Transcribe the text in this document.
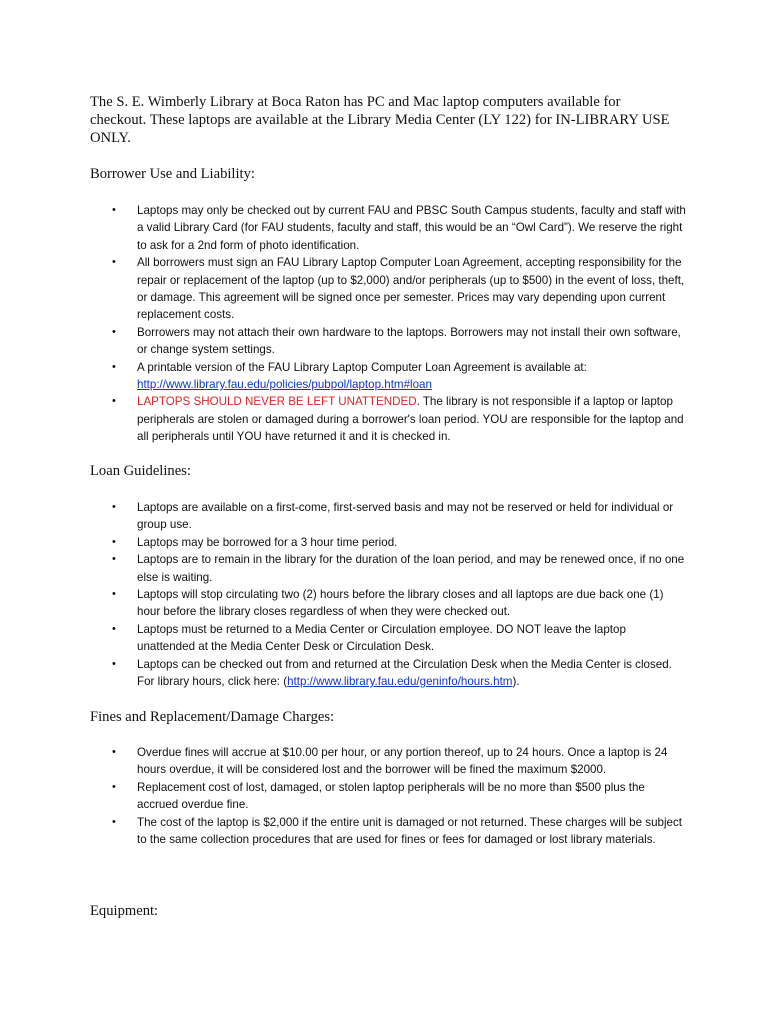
The S. E. Wimberly Library at Boca Raton has PC and Mac laptop computers available for checkout. These laptops are available at the Library Media Center (LY 122) for IN-LIBRARY USE ONLY.

Borrower Use and Liability:
•	Laptops may only be checked out by current FAU and PBSC South Campus students, faculty and staff with a valid Library Card (for FAU students, faculty and staff, this would be an “Owl Card”). We reserve the right to ask for a 2nd form of photo identification.
•	All borrowers must sign an FAU Library Laptop Computer Loan Agreement, accepting responsibility for the repair or replacement of the laptop (up to $2,000) and/or peripherals (up to $500) in the event of loss, theft, or damage. This agreement will be signed once per semester. Prices may vary depending upon current replacement costs.
•	Borrowers may not attach their own hardware to the laptops. Borrowers may not install their own software, or change system settings.
•	A printable version of the FAU Library Laptop Computer Loan Agreement is available at:
http://www.library.fau.edu/policies/pubpol/laptop.htm#loan
•	LAPTOPS SHOULD NEVER BE LEFT UNATTENDED. The library is not responsible if a laptop or laptop peripherals are stolen or damaged during a borrower's loan period. YOU are responsible for the laptop and all peripherals until YOU have returned it and it is checked in.
Loan Guidelines:
•	Laptops are available on a first-come, first-served basis and may not be reserved or held for individual or group use.
•	Laptops may be borrowed for a 3 hour time period.
•	Laptops are to remain in the library for the duration of the loan period, and may be renewed once, if no one else is waiting.
•	Laptops will stop circulating two (2) hours before the library closes and all laptops are due back one (1) hour before the library closes regardless of when they were checked out.
•	Laptops must be returned to a Media Center or Circulation employee. DO NOT leave the laptop unattended at the Media Center Desk or Circulation Desk.
•	Laptops can be checked out from and returned at the Circulation Desk when the Media Center is closed. For library hours, click here: (http://www.library.fau.edu/geninfo/hours.htm).
Fines and Replacement/Damage Charges:
•	Overdue fines will accrue at $10.00 per hour, or any portion thereof, up to 24 hours. Once a laptop is 24 hours overdue, it will be considered lost and the borrower will be fined the maximum $2000.
•	Replacement cost of lost, damaged, or stolen laptop peripherals will be no more than $500 plus the accrued overdue fine.
•	The cost of the laptop is $2,000 if the entire unit is damaged or not returned. These charges will be subject to the same collection procedures that are used for fines or fees for damaged or lost library materials.
Equipment:
